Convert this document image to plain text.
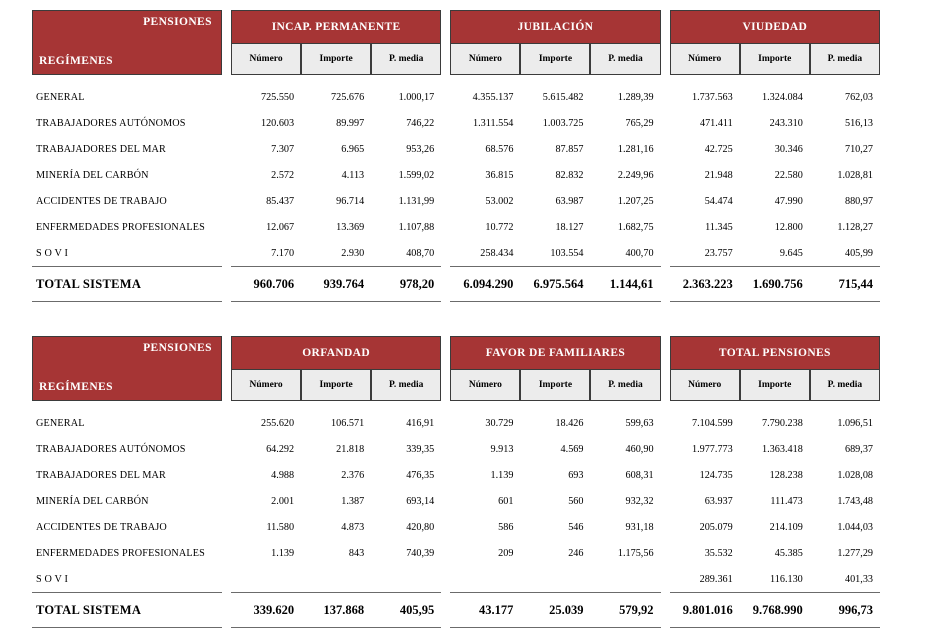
PENSIONES
REGÍMENES		INCAP. PERMANENTE				JUBILACIÓN				VIUDEDAD		
		Número	Importe	P. media		Número	Importe	P. media		Número	Importe	P. media

GENERAL		725.550	725.676	1.000,17		4.355.137	5.615.482	1.289,39		1.737.563	1.324.084	762,03
TRABAJADORES AUTÓNOMOS		120.603	89.997	746,22		1.311.554	1.003.725	765,29		471.411	243.310	516,13
TRABAJADORES DEL MAR		7.307	6.965	953,26		68.576	87.857	1.281,16		42.725	30.346	710,27
MINERÍA DEL CARBÓN		2.572	4.113	1.599,02		36.815	82.832	2.249,96		21.948	22.580	1.028,81
ACCIDENTES DE TRABAJO		85.437	96.714	1.131,99		53.002	63.987	1.207,25		54.474	47.990	880,97
ENFERMEDADES PROFESIONALES		12.067	13.369	1.107,88		10.772	18.127	1.682,75		11.345	12.800	1.128,27
S O V I		7.170	2.930	408,70		258.434	103.554	400,70		23.757	9.645	405,99
TOTAL SISTEMA		960.706	939.764	978,20		6.094.290	6.975.564	1.144,61		2.363.223	1.690.756	715,44
PENSIONES
REGÍMENES		ORFANDAD				FAVOR DE FAMILIARES				TOTAL PENSIONES		
		Número	Importe	P. media		Número	Importe	P. media		Número	Importe	P. media

GENERAL		255.620	106.571	416,91		30.729	18.426	599,63		7.104.599	7.790.238	1.096,51
TRABAJADORES AUTÓNOMOS		64.292	21.818	339,35		9.913	4.569	460,90		1.977.773	1.363.418	689,37
TRABAJADORES DEL MAR		4.988	2.376	476,35		1.139	693	608,31		124.735	128.238	1.028,08
MINERÍA DEL CARBÓN		2.001	1.387	693,14		601	560	932,32		63.937	111.473	1.743,48
ACCIDENTES DE TRABAJO		11.580	4.873	420,80		586	546	931,18		205.079	214.109	1.044,03
ENFERMEDADES PROFESIONALES		1.139	843	740,39		209	246	1.175,56		35.532	45.385	1.277,29
S O V I										289.361	116.130	401,33
TOTAL SISTEMA		339.620	137.868	405,95		43.177	25.039	579,92		9.801.016	9.768.990	996,73
